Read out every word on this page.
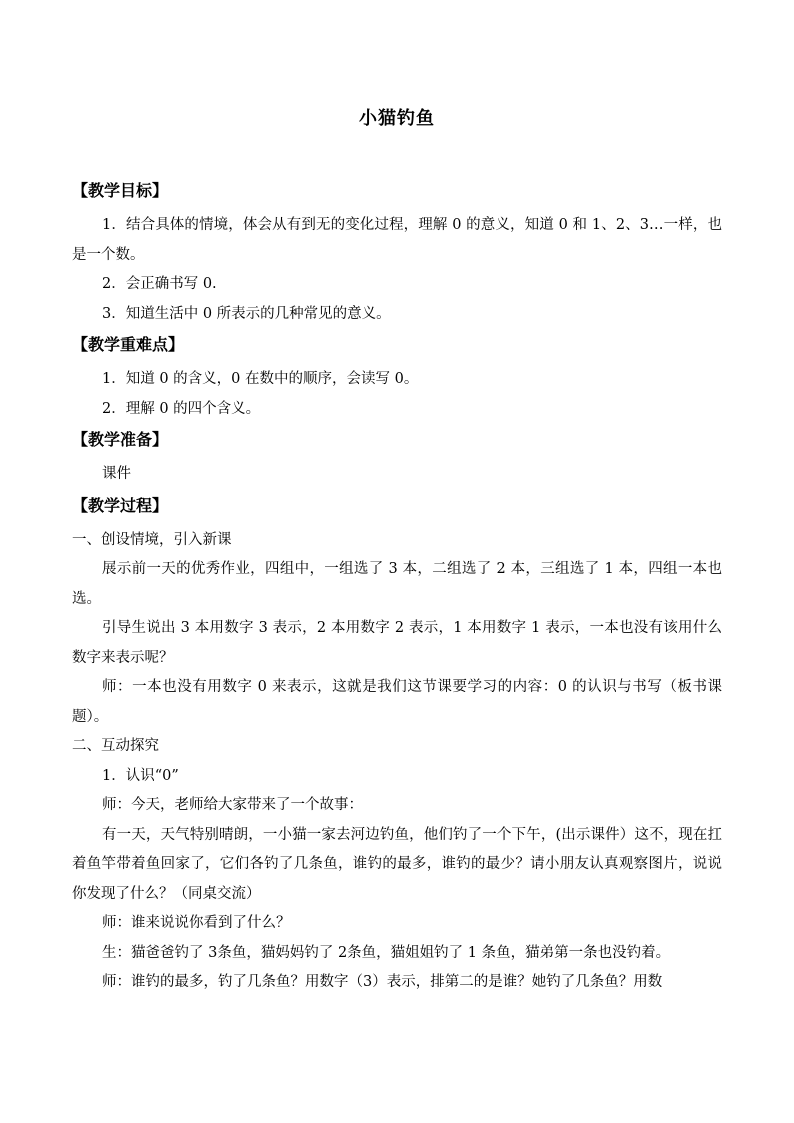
小猫钓鱼
【教学目标】
1．结合具体的情境，体会从有到无的变化过程，理解 0 的意义，知道 0 和 1、2、3…一样，也是一个数。
2．会正确书写 0.
3．知道生活中 0 所表示的几种常见的意义。
【教学重难点】
1．知道 0 的含义，0 在数中的顺序，会读写 0。
2．理解 0 的四个含义。
【教学准备】
课件
【教学过程】
一、创设情境，引入新课
展示前一天的优秀作业，四组中，一组选了 3 本，二组选了 2 本，三组选了 1 本，四组一本也选。
引导生说出 3 本用数字 3 表示，2 本用数字 2 表示，1 本用数字 1 表示，一本也没有该用什么数字来表示呢？
师：一本也没有用数字 0 来表示，这就是我们这节课要学习的内容：0 的认识与书写（板书课题）。
二、互动探究
1．认识“0”
师：今天，老师给大家带来了一个故事：
有一天，天气特别晴朗，一小猫一家去河边钓鱼，他们钓了一个下午，(出示课件）这不，现在扛着鱼竿带着鱼回家了，它们各钓了几条鱼，谁钓的最多，谁钓的最少？请小朋友认真观察图片，说说你发现了什么？（同桌交流）
师：谁来说说你看到了什么？
生：猫爸爸钓了 3条鱼，猫妈妈钓了 2条鱼，猫姐姐钓了 1 条鱼，猫弟第一条也没钓着。
师：谁钓的最多，钓了几条鱼？用数字（3）表示，排第二的是谁？她钓了几条鱼？用数
